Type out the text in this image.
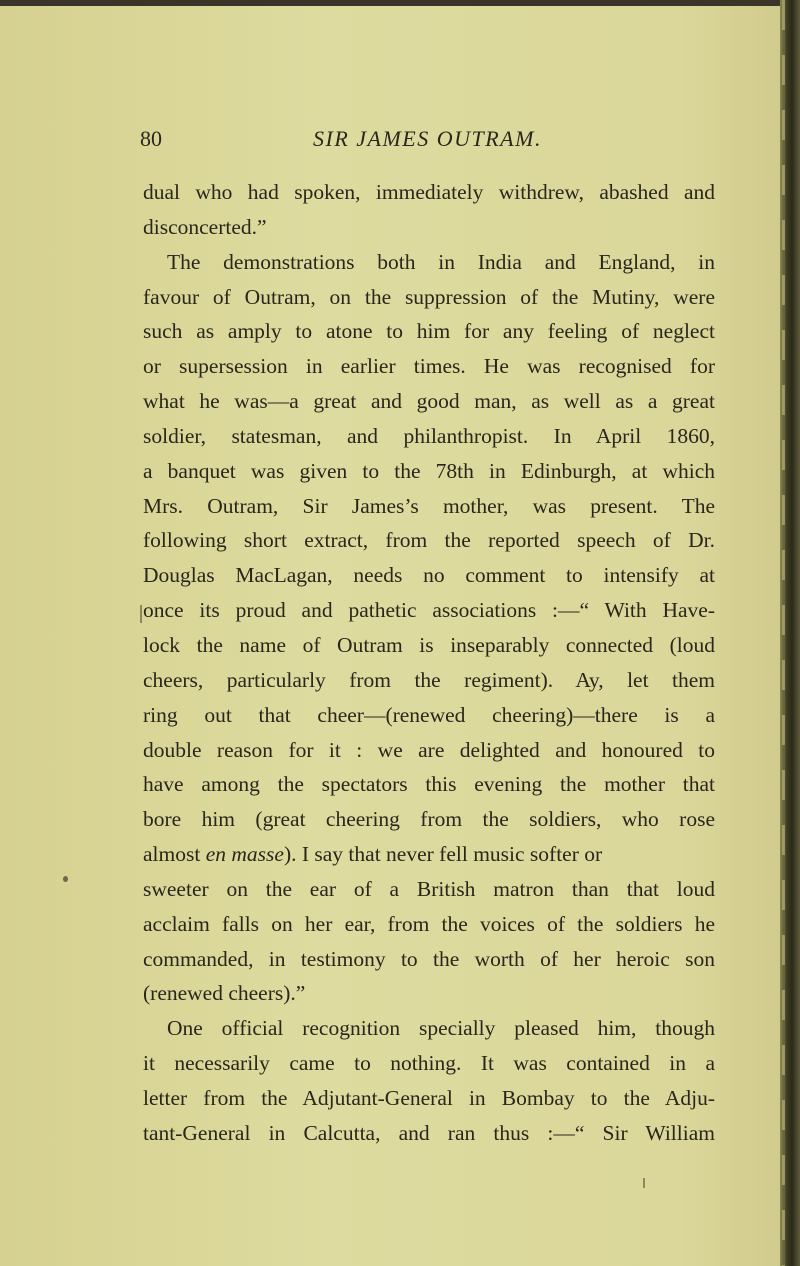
80	SIR JAMES OUTRAM.
dual who had spoken, immediately withdrew, abashed and
disconcerted.”
The demonstrations both in India and England, in
favour of Outram, on the suppression of the Mutiny, were
such as amply to atone to him for any feeling of neglect
or supersession in earlier times. He was recognised for
what he was—a great and good man, as well as a great
soldier, statesman, and philanthropist. In April 1860,
a banquet was given to the 78th in Edinburgh, at which
Mrs. Outram, Sir James’s mother, was present. The
following short extract, from the reported speech of Dr.
Douglas MacLagan, needs no comment to intensify at
once its proud and pathetic associations :—“ With Have-
lock the name of Outram is inseparably connected (loud
cheers, particularly from the regiment). Ay, let them
ring out that cheer—(renewed cheering)—there is a
double reason for it : we are delighted and honoured to
have among the spectators this evening the mother that
bore him (great cheering from the soldiers, who rose
almost en masse). I say that never fell music softer or
sweeter on the ear of a British matron than that loud
acclaim falls on her ear, from the voices of the soldiers he
commanded, in testimony to the worth of her heroic son
(renewed cheers).”
One official recognition specially pleased him, though
it necessarily came to nothing. It was contained in a
letter from the Adjutant-General in Bombay to the Adju-
tant-General in Calcutta, and ran thus :—“ Sir William
